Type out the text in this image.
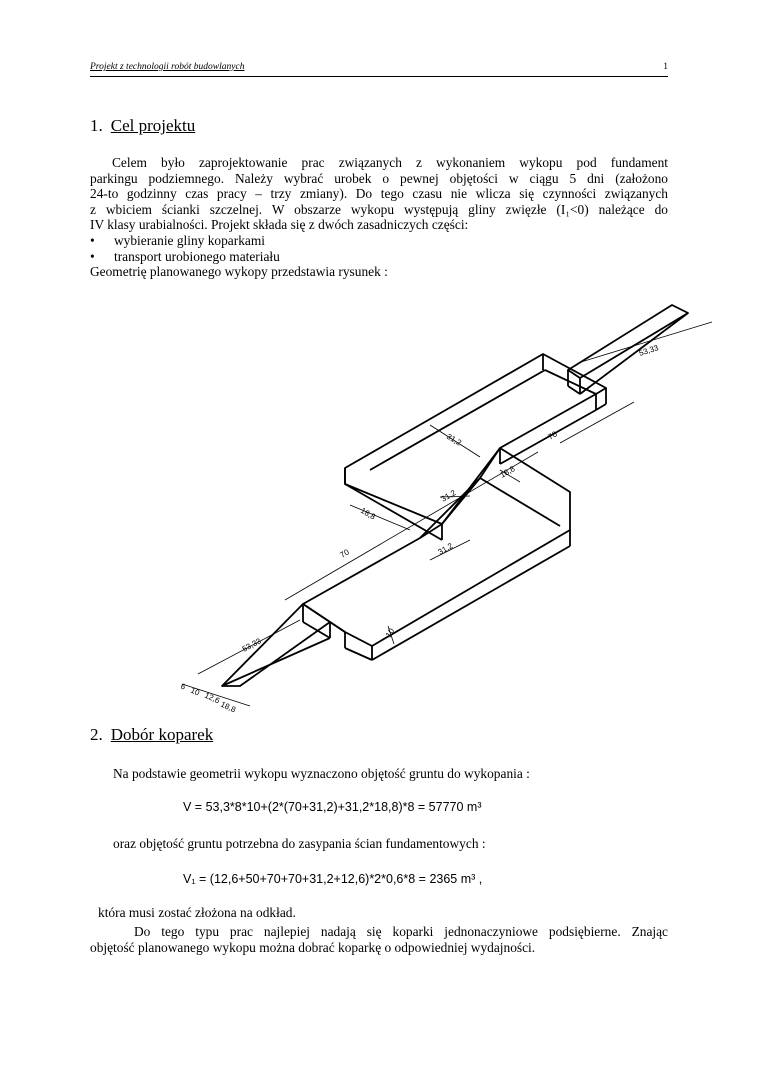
Projekt z technologii robót budowlanych	1
1. Cel projektu
Celem było zaprojektowanie prac związanych z wykonaniem wykopu pod fundament
parkingu podziemnego. Należy wybrać urobek o pewnej objętości w ciągu 5 dni (założono
24-to godzinny czas pracy – trzy zmiany). Do tego czasu nie wlicza się czynności związanych
z wbiciem ścianki szczelnej. W obszarze wykopu występują gliny zwięzłe (I₁<0) należące do
IV klasy urabialności. Projekt składa się z dwóch zasadniczych części:
• wybieranie gliny koparkami
• transport urobionego materiału
Geometrię planowanego wykopy przedstawia rysunek :
53,33
53,33
70
70
31,2
31,2
31,2
18,8
18,8
10
6
12,6
10
18,8
2. Dobór koparek
Na podstawie geometrii wykopu wyznaczono objętość gruntu do wykopania :
V = 53,3*8*10+(2*(70+31,2)+31,2*18,8)*8 = 57770 m³
oraz objętość gruntu potrzebna do zasypania ścian fundamentowych :
V₁ = (12,6+50+70+70+31,2+12,6)*2*0,6*8 = 2365 m³ ,
która musi zostać złożona na odkład.
Do tego typu prac najlepiej nadają się koparki jednonaczyniowe podsiębierne. Znając
objętość planowanego wykopu można dobrać koparkę o odpowiedniej wydajności.
